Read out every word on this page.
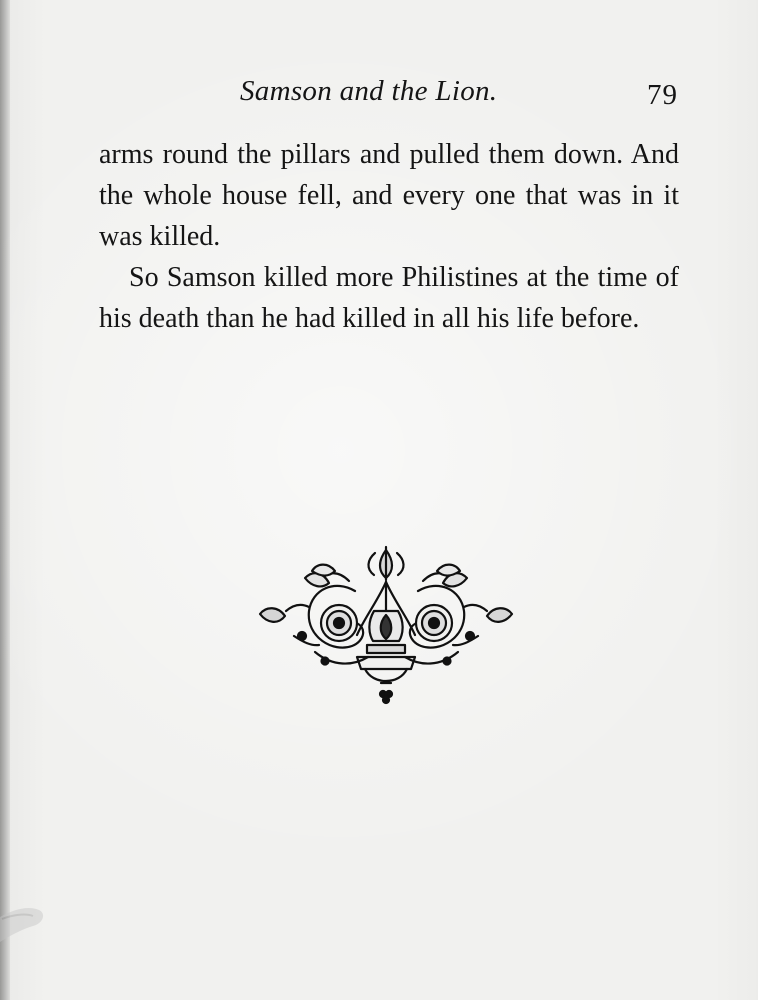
Samson and the Lion.	79

arms round the pillars and pulled them down. And the whole house fell, and every one that was in it was killed.

So Samson killed more Philistines at the time of his death than he had killed in all his life before.
